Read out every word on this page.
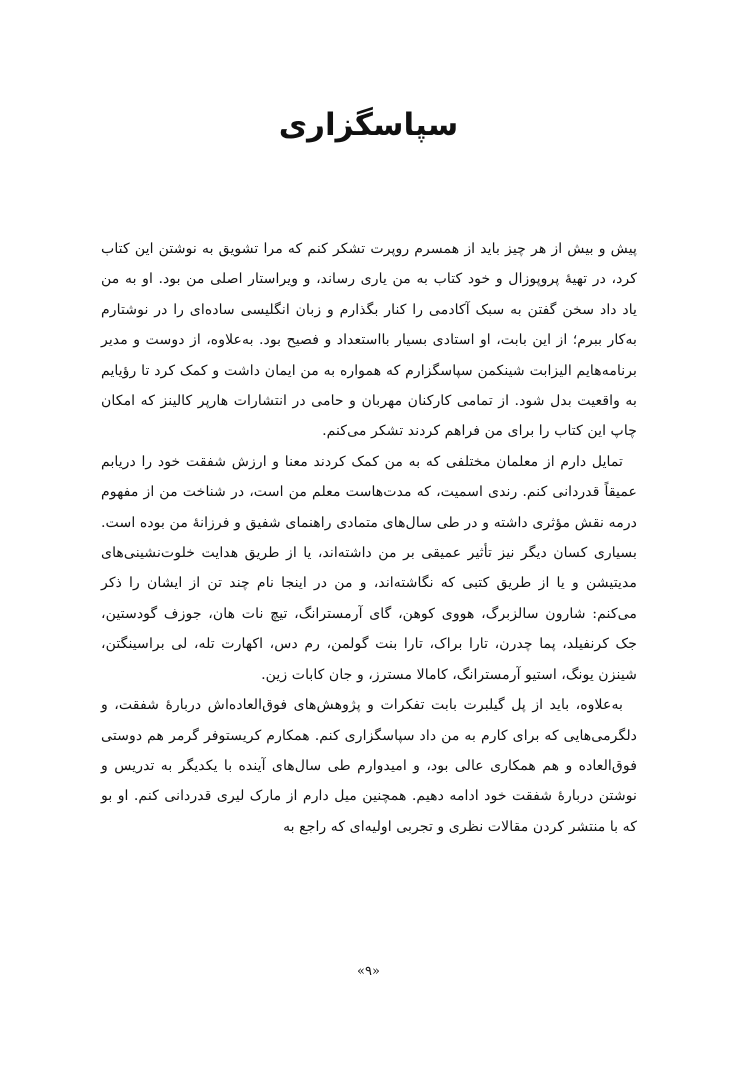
سپاسگزاری

پیش و بیش از هر چیز باید از همسرم روپرت تشکر کنم که مرا تشویق به نوشتن این کتاب کرد، در تهیهٔ پروپوزال و خود کتاب به من یاری رساند، و ویراستار اصلی من بود. او به من یاد داد سخن گفتن به سبک آکادمی را کنار بگذارم و زبان انگلیسی ساده‌ای را در نوشتارم به‌کار ببرم؛ از این بابت، او استادی بسیار بااستعداد و فصیح بود. به‌علاوه، از دوست و مدیر برنامه‌هایم الیزابت شینکمن سپاسگزارم که همواره به من ایمان داشت و کمک کرد تا رؤیایم به واقعیت بدل شود. از تمامی کارکنان مهربان و حامی در انتشارات هارپر کالینز که امکان چاپ این کتاب را برای من فراهم کردند تشکر می‌کنم.

تمایل دارم از معلمان مختلفی که به من کمک کردند معنا و ارزش شفقت خود را دریابم عمیقاً قدردانی کنم. رندی اسمیت، که مدت‌هاست معلم من است، در شناخت من از مفهوم درمه نقش مؤثری داشته و در طی سال‌های متمادی راهنمای شفیق و فرزانهٔ من بوده است. بسیاری کسان دیگر نیز تأثیر عمیقی بر من داشته‌اند، یا از طریق هدایت خلوت‌نشینی‌های مدیتیشن و یا از طریق کتبی که نگاشته‌اند، و من در اینجا نام چند تن از ایشان را ذکر می‌کنم: شارون سالزبرگ، هووی کوهن، گای آرمسترانگ، تیچ نات هان، جوزف گودستین، جک کرنفیلد، پما چدرن، تارا براک، تارا بنت گولمن، رم دس، اکهارت تله، لی براسینگتن، شینزن یونگ، استیو آرمسترانگ، کامالا مسترز، و جان کابات زین.

به‌علاوه، باید از پل گیلبرت بابت تفکرات و پژوهش‌های فوق‌العاده‌اش دربارهٔ شفقت، و دلگرمی‌هایی که برای کارم به من داد سپاسگزاری کنم. همکارم کریستوفر گرمر هم دوستی فوق‌العاده و هم همکاری عالی بود، و امیدوارم طی سال‌های آینده با یکدیگر به تدریس و نوشتن دربارهٔ شفقت خود ادامه دهیم. همچنین میل دارم از مارک لیری قدردانی کنم. او بو که با منتشر کردن مقالات نظری و تجربی اولیه‌ای که راجع به

«۹»
